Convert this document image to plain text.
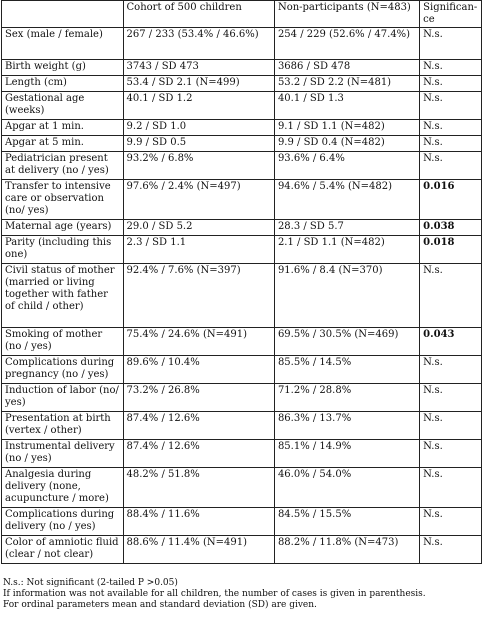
	Cohort of 500 children	Non-participants (N=483)	Significan-ce
Sex (male / female)	267 / 233 (53.4% / 46.6%)	254 / 229 (52.6% / 47.4%)	N.s.
Birth weight (g)	3743 / SD 473	3686 / SD 478	N.s.
Length (cm)	53.4 / SD 2.1 (N=499)	53.2 / SD 2.2 (N=481)	N.s.
Gestational age (weeks)	40.1 / SD 1.2	40.1 / SD 1.3	N.s.
Apgar at 1 min.	9.2 / SD 1.0	9.1 / SD 1.1 (N=482)	N.s.
Apgar at 5 min.	9.9 / SD 0.5	9.9 / SD 0.4 (N=482)	N.s.
Pediatrician present at delivery (no / yes)	93.2% / 6.8%	93.6% / 6.4%	N.s.
Transfer to intensive care or observation (no/ yes)	97.6% / 2.4% (N=497)	94.6% / 5.4% (N=482)	0.016
Maternal age (years)	29.0 / SD 5.2	28.3 / SD 5.7	0.038
Parity (including this one)	2.3 / SD 1.1	2.1 / SD 1.1 (N=482)	0.018
Civil status of mother (married or living together with father of child / other)	92.4% / 7.6% (N=397)	91.6% / 8.4 (N=370)	N.s.
Smoking of mother (no / yes)	75.4% / 24.6% (N=491)	69.5% / 30.5% (N=469)	0.043
Complications during pregnancy (no / yes)	89.6% / 10.4%	85.5% / 14.5%	N.s.
Induction of labor (no/ yes)	73.2% / 26.8%	71.2% / 28.8%	N.s.
Presentation at birth (vertex / other)	87.4% / 12.6%	86.3% / 13.7%	N.s.
Instrumental delivery (no / yes)	87.4% / 12.6%	85.1% / 14.9%	N.s.
Analgesia during delivery (none, acupuncture / more)	48.2% / 51.8%	46.0% / 54.0%	N.s.
Complications during delivery (no / yes)	88.4% / 11.6%	84.5% / 15.5%	N.s.
Color of amniotic fluid (clear / not clear)	88.6% / 11.4% (N=491)	88.2% / 11.8% (N=473)	N.s.
N.s.: Not significant (2-tailed P >0.05)
If information was not available for all children, the number of cases is given in parenthesis.
For ordinal parameters mean and standard deviation (SD) are given.
